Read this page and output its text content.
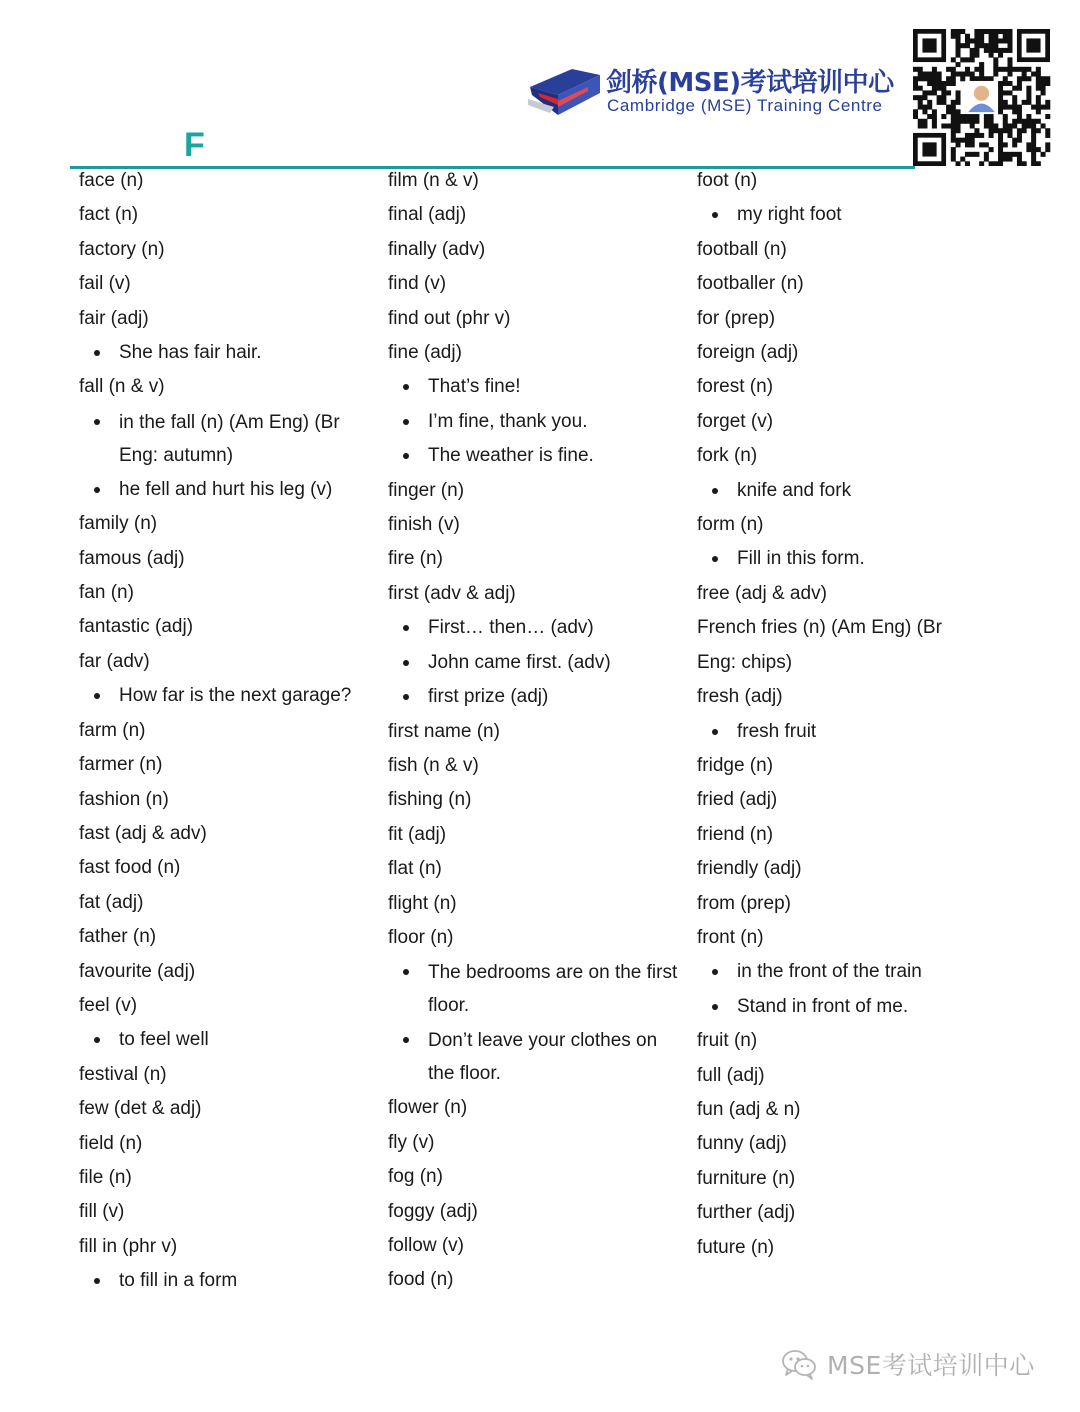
剑桥(MSE)考试培训中心
Cambridge (MSE) Training Centre
F
face (n)
fact (n)
factory (n)
fail (v)
fair (adj)
She has fair hair.
fall (n & v)
in the fall (n) (Am Eng) (Br Eng: autumn)
he fell and hurt his leg (v)
family (n)
famous (adj)
fan (n)
fantastic (adj)
far (adv)
How far is the next garage?
farm (n)
farmer (n)
fashion (n)
fast (adj & adv)
fast food (n)
fat (adj)
father (n)
favourite (adj)
feel (v)
to feel well
festival (n)
few (det & adj)
field (n)
file (n)
fill (v)
fill in (phr v)
to fill in a form
film (n & v)
final (adj)
finally (adv)
find (v)
find out (phr v)
fine (adj)
That’s fine!
I’m fine, thank you.
The weather is fine.
finger (n)
finish (v)
fire (n)
first (adv & adj)
First… then… (adv)
John came first. (adv)
first prize (adj)
first name (n)
fish (n & v)
fishing (n)
fit (adj)
flat (n)
flight (n)
floor (n)
The bedrooms are on the first floor.
Don’t leave your clothes on the floor.
flower (n)
fly (v)
fog (n)
foggy (adj)
follow (v)
food (n)
foot (n)
my right foot
football (n)
footballer (n)
for (prep)
foreign (adj)
forest (n)
forget (v)
fork (n)
knife and fork
form (n)
Fill in this form.
free (adj & adv)
French fries (n) (Am Eng) (Br
Eng: chips)
fresh (adj)
fresh fruit
fridge (n)
fried (adj)
friend (n)
friendly (adj)
from (prep)
front (n)
in the front of the train
Stand in front of me.
fruit (n)
full (adj)
fun (adj & n)
funny (adj)
furniture (n)
further (adj)
future (n)
MSE考试培训中心
